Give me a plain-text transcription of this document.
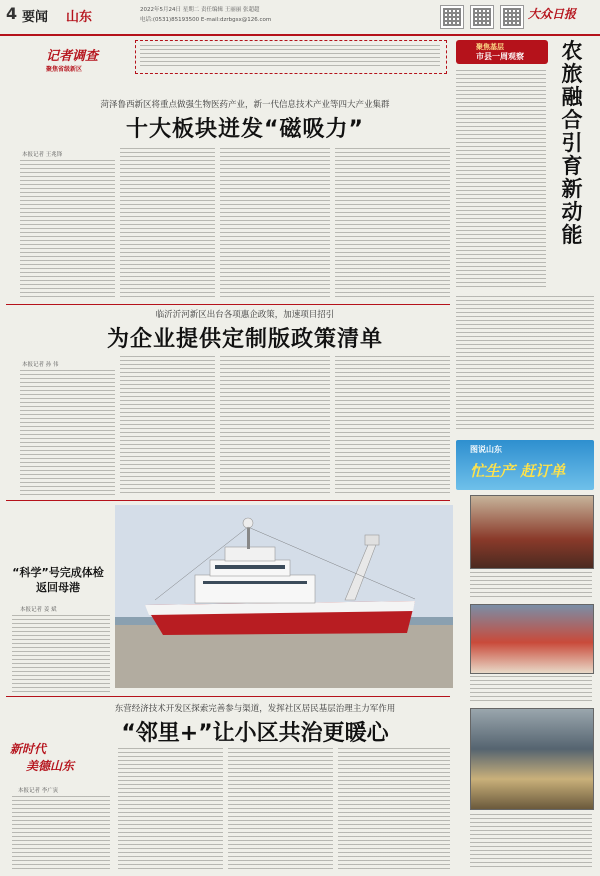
4 要闻 山东	2022年5月24日 星期二 责任编辑 王丽丽 张超超
电话:(0531)85193500 E-mail:dzrbgsx@126.com	大众日报
记者调查
聚焦省级新区
菏泽鲁西新区将重点做强生物医药产业，新一代信息技术产业等四大产业集群
十大板块迸发“磁吸力”
本报记者 王兆锋
临沂沂河新区出台各项惠企政策，加速项目招引
为企业提供定制版政策清单
本报记者 孙 伟
“科学”号完成体检返回母港
本报记者 姜 斌
东营经济技术开发区探索完善参与渠道，发挥社区居民基层治理主力军作用
“邻里+”让小区共治更暖心
新时代
美德山东
本报记者 李广寅
聚焦基层
市县一周观察	农旅融合引育新动能
图说山东
忙生产 赶订单
